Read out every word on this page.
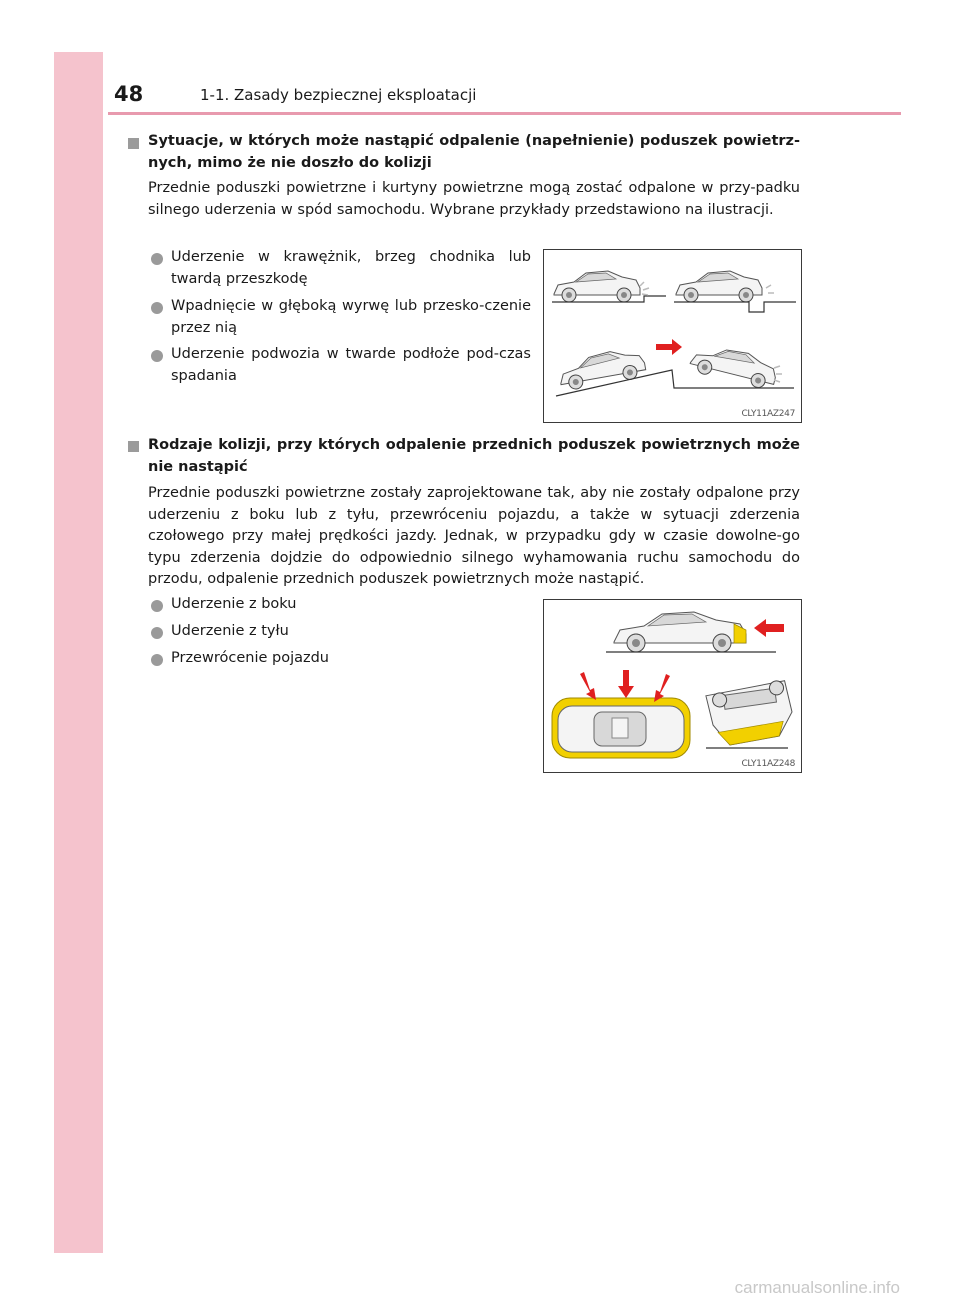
48	1-1. Zasady bezpiecznej eksploatacji
Sytuacje, w których może nastąpić odpalenie (napełnienie) poduszek powietrz-nych, mimo że nie doszło do kolizji
Przednie poduszki powietrzne i kurtyny powietrzne mogą zostać odpalone w przy-padku silnego uderzenia w spód samochodu. Wybrane przykłady przedstawiono na ilustracji.
Uderzenie w krawężnik, brzeg chodnika lub twardą przeszkodę
Wpadnięcie w głęboką wyrwę lub przesko-czenie przez nią
Uderzenie podwozia w twarde podłoże pod-czas spadania
CLY11AZ247
Rodzaje kolizji, przy których odpalenie przednich poduszek powietrznych może nie nastąpić
Przednie poduszki powietrzne zostały zaprojektowane tak, aby nie zostały odpalone przy uderzeniu z boku lub z tyłu, przewróceniu pojazdu, a także w sytuacji zderzenia czołowego przy małej prędkości jazdy. Jednak, w przypadku gdy w czasie dowolne-go typu zderzenia dojdzie do odpowiednio silnego wyhamowania ruchu samochodu do przodu, odpalenie przednich poduszek powietrznych może nastąpić.
Uderzenie z boku
Uderzenie z tyłu
Przewrócenie pojazdu
CLY11AZ248
carmanualsonline.info
